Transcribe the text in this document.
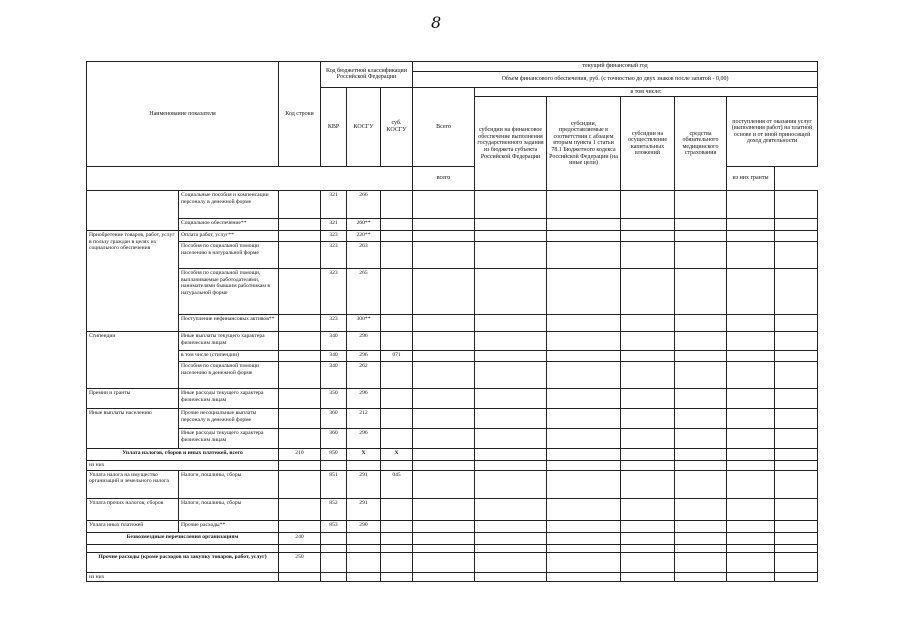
8
Наименование показателя		Код строки	Код бюджетной классификации Российской Федерации			текущий финансовый год						
						Объем финансового обеспечения, руб. (с точностью до двух знаков после запятой - 0,00)						
			КВР	КОСГУ	суб. КОСГУ	Всего	в том числе:					
							субсидии на финансовое обеспечение выполнения государственного задания из бюджета субъекта Российской Федерации	субсидии, предоставляемые в соответствии с абзацем вторым пункта 1 статьи 78.1 Бюджетного кодекса Российской Федерации (на иные цели)	субсидии на осуществление капитальных вложений	средства обязательного медицинского страхования	поступления от оказания услуг (выполнения работ) на платной основе и от иной приносящей доход деятельности	
						всего					из них гранты	
	Социальные пособия и компенсации персоналу в денежной форме		321	266								
	Социальное обеспечение**		321	260**								
Приобретение товаров, работ, услуг в пользу граждан в целях их социального обеспечения	Оплата работ, услуг**		323	220**								
	Пособия по социальной помощи населению в натуральной форме		323	263								
	Пособия по социальной помощи, выплачиваемые работодателями, нанимателями бывшим работникам в натуральной форме		323	265								
	Поступление нефинансовых активов**		323	300**								
Стипендии	Иные выплаты текущего характера физическим лицам		340	296								
	в том числе (стипендии)		340	296	071							
	Пособия по социальной помощи населению в денежной форме		340	262								
Премии и гранты	Иные расходы текущего характера физическим лицам		350	296								
Иные выплаты населению	Прочие несоциальные выплаты персоналу в денежной форме		360	212								
	Иные расходы текущего характера физическим лицам		360	296								
Уплата налогов, сборов и иных платежей, всего		210	850	X	X							
из них												
Уплата налога на имущество организаций и земельного налога	Налоги, пошлины, сборы		851	291	045							
Уплата прочих налогов, сборов	Налоги, пошлины, сборы		852	291								
Уплата иных платежей	Прочие расходы**		853	290								
Безвозмездные перечисления организациям		240										

Прочие расходы (кроме расходов на закупку товаров, работ, услуг)		250										
из них												
